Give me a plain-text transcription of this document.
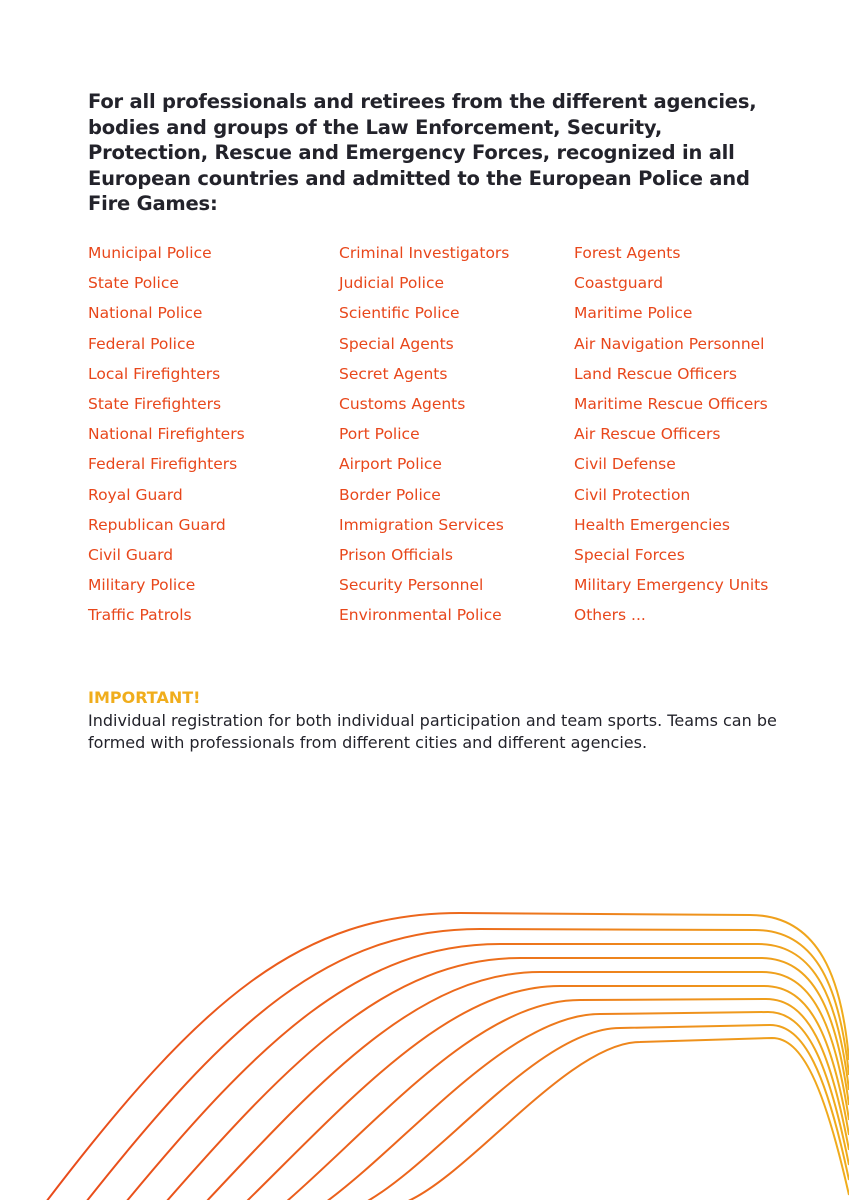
For all professionals and retirees from the different agencies, bodies and groups of the Law Enforcement, Security, Protection, Rescue and Emergency Forces, recognized in all European countries and admitted to the European Police and Fire Games:

Municipal Police
State Police
National Police
Federal Police
Local Firefighters
State Firefighters
National Firefighters
Federal Firefighters
Royal Guard
Republican Guard
Civil Guard
Military Police
Traffic Patrols
Criminal Investigators
Judicial Police
Scientific Police
Special Agents
Secret Agents
Customs Agents
Port Police
Airport Police
Border Police
Immigration Services
Prison Officials
Security Personnel
Environmental Police
Forest Agents
Coastguard
Maritime Police
Air Navigation Personnel
Land Rescue Officers
Maritime Rescue Officers
Air Rescue Officers
Civil Defense
Civil Protection
Health Emergencies
Special Forces
Military Emergency Units
Others ...

IMPORTANT!

Individual registration for both individual participation and team sports. Teams can be formed with professionals from different cities and different agencies.
